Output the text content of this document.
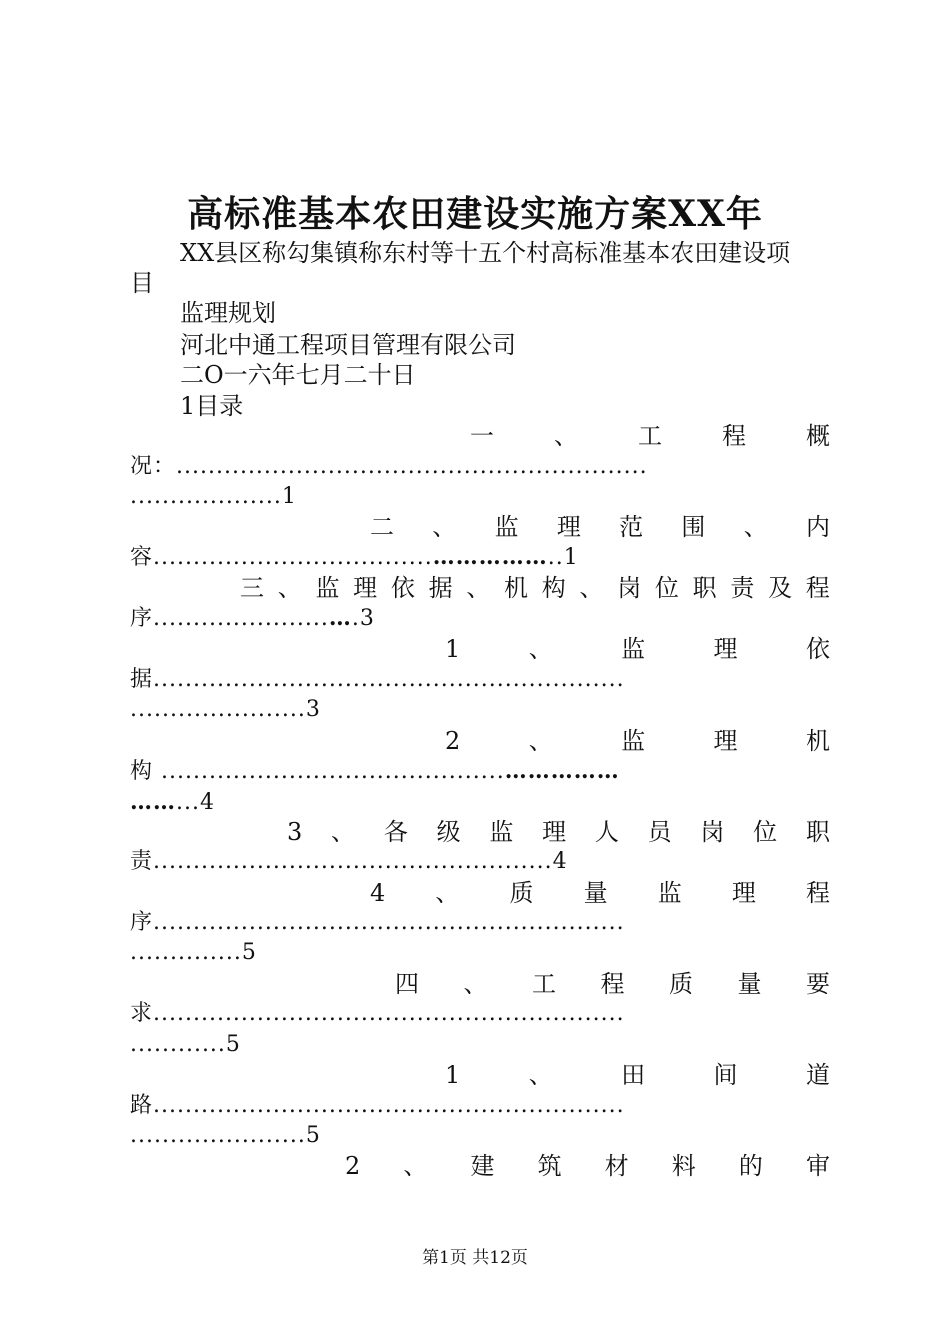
高标准基本农田建设实施方案XX年
XX县区称勾集镇称东村等十五个村高标准基本农田建设项
目
监理规划
河北中通工程项目管理有限公司
二O一六年七月二十日
1目录
一	、	工	程	概
况：...........................................................
...................1
二 、 监 理 范 围 、 内
容...................................……………..1
三 、 监 理 依 据 、 机 构 、 岗 位 职 责 及 程
序......................….3
1	、	监	理	依
据...........................................................
......................3
2	、	监	理	机
构 ...........................................……………
……...4
3 、 各 级 监 理 人 员 岗 位 职
责..................................................4
4 、 质 量 监 理 程
序...........................................................
..............5
四 、 工 程 质 量 要
求...........................................................
............5
1	、	田	间	道
路...........................................................
......................5
2 、 建 筑 材 料 的 审
第1页 共12页
